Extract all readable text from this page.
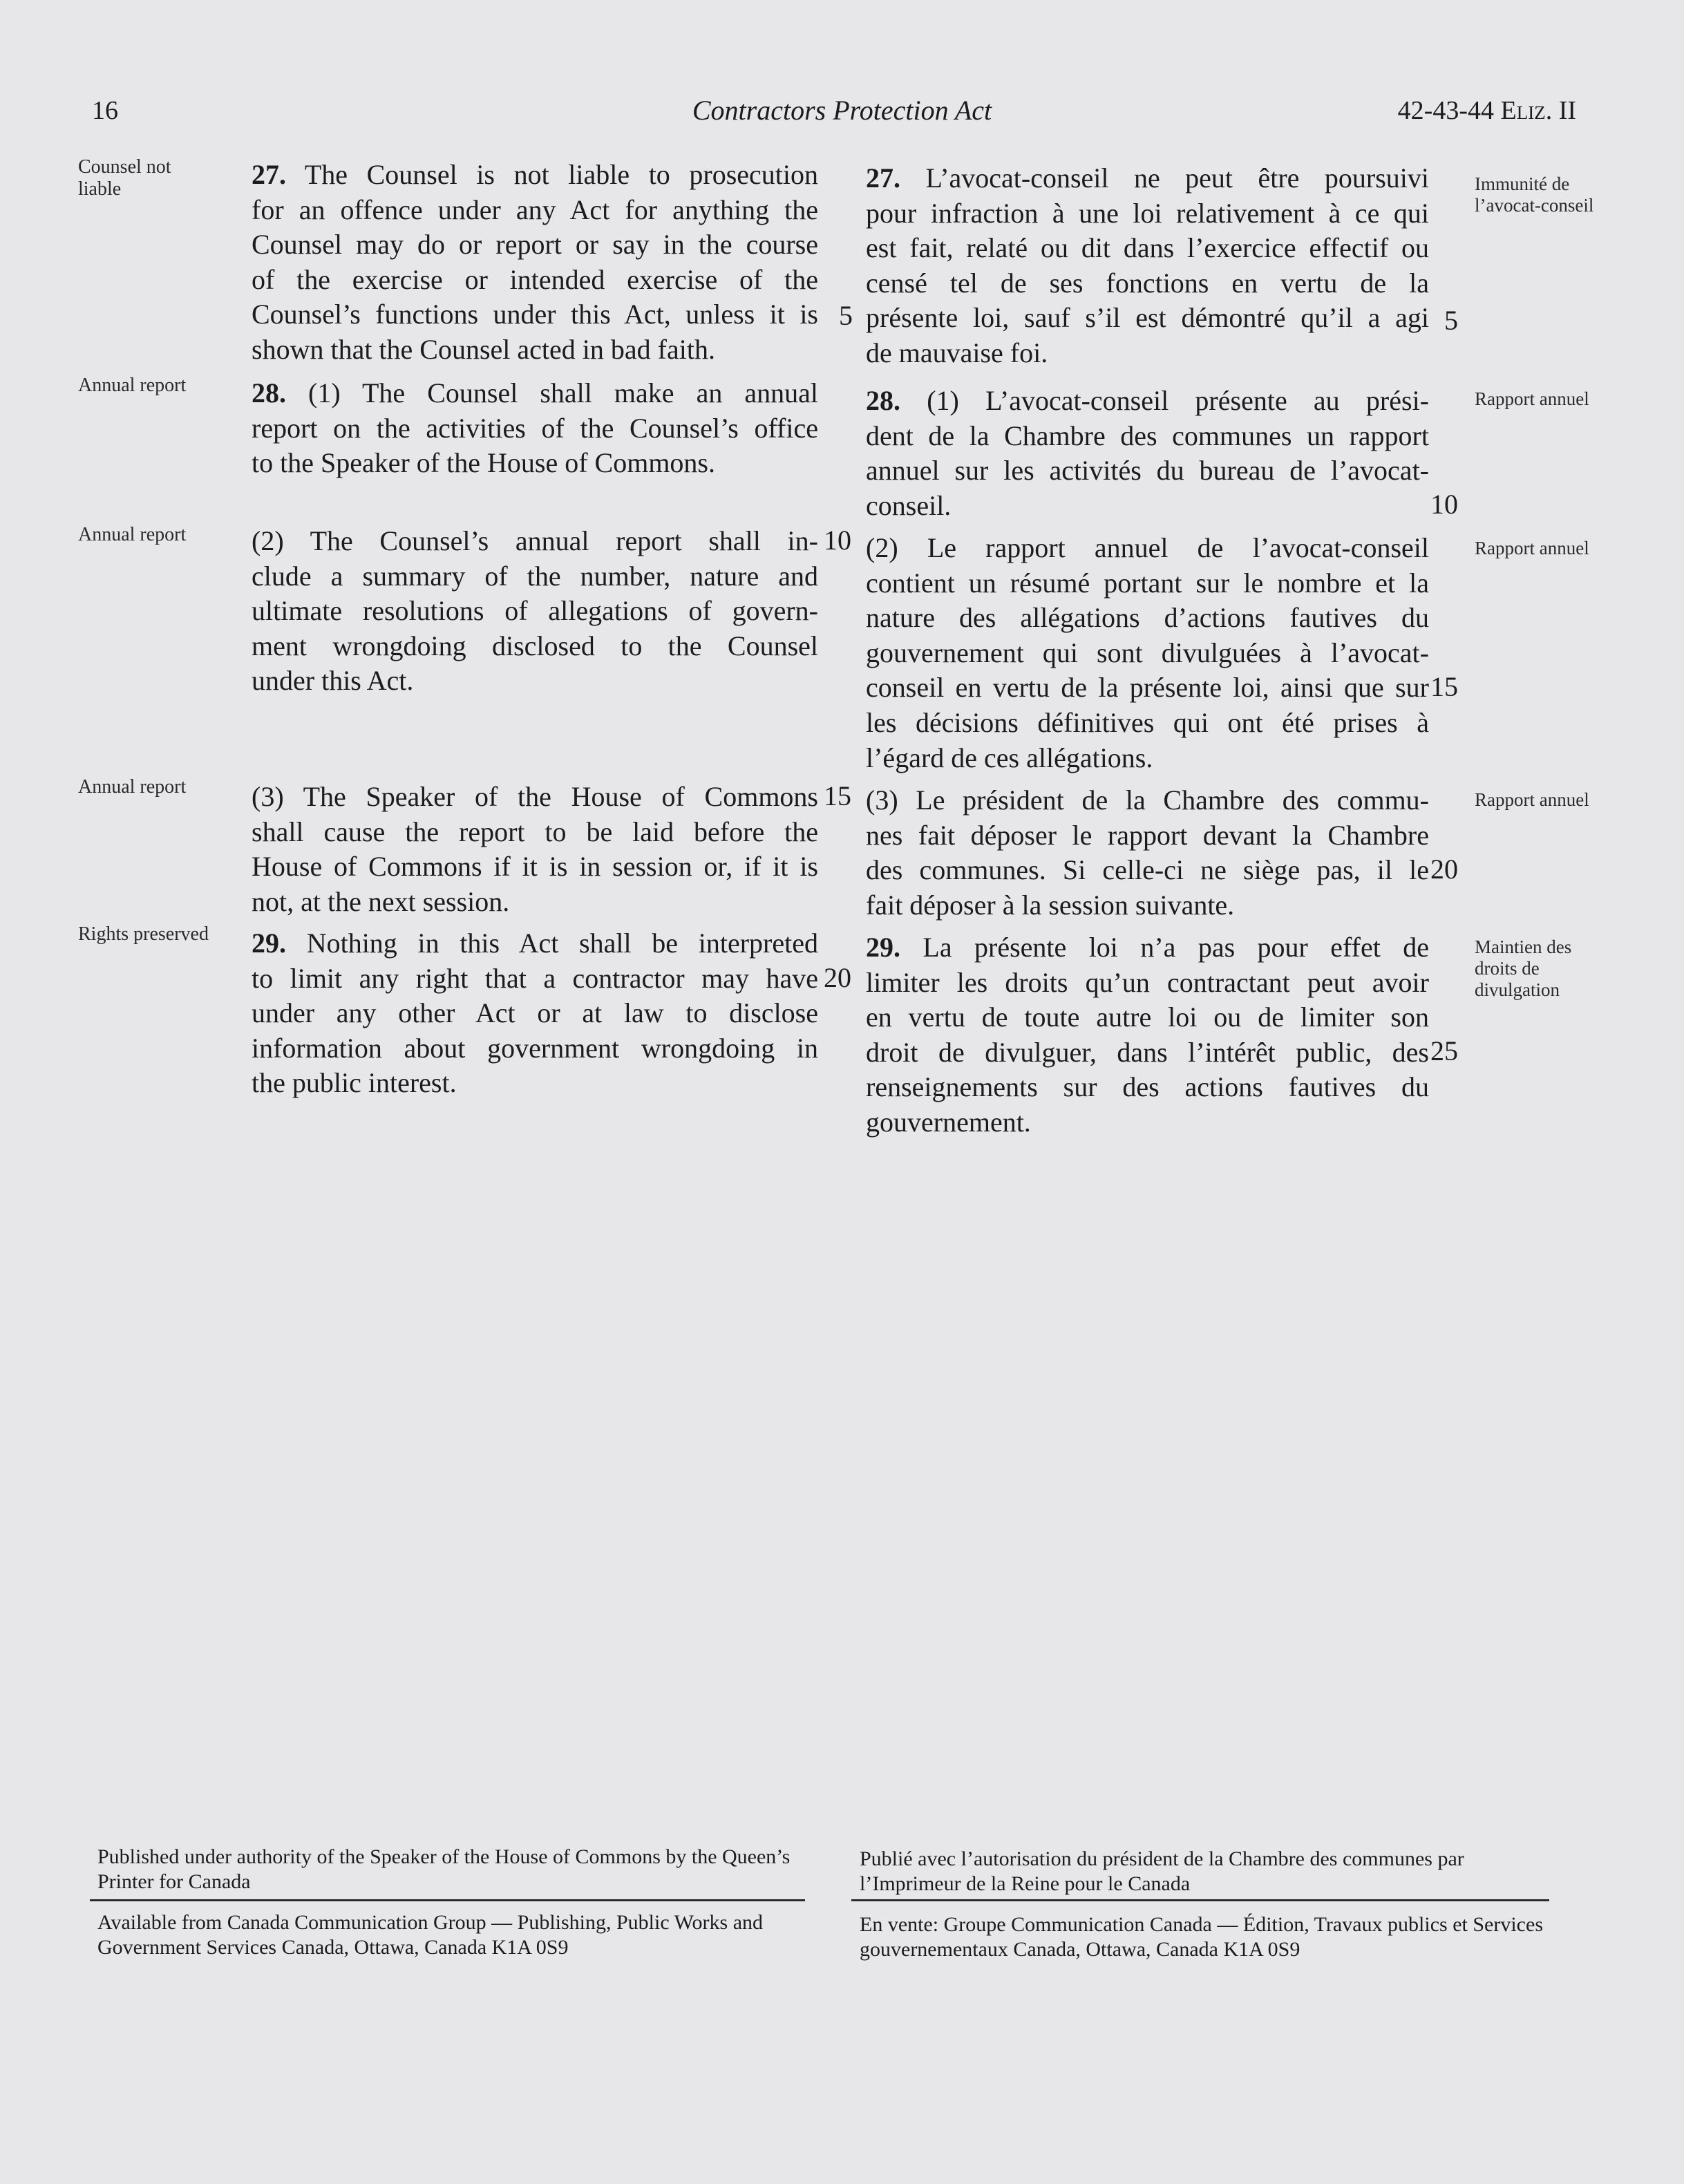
16	Contractors Protection Act	42-43-44 Eliz. II
Counsel not liable
Annual report
Annual report
Annual report
Rights preserved
Immunité de l’avocat-conseil
Rapport annuel
Rapport annuel
Rapport annuel
Maintien des droits de divulgation
27. The Counsel is not liable to prosecution
for an offence under any Act for anything the
Counsel may do or report or say in the course
of the exercise or intended exercise of the
Counsel’s functions under this Act, unless it is
shown that the Counsel acted in bad faith.
28. (1) The Counsel shall make an annual
report on the activities of the Counsel’s office
to the Speaker of the House of Commons.
(2) The Counsel’s annual report shall in-
clude a summary of the number, nature and
ultimate resolutions of allegations of govern-
ment wrongdoing disclosed to the Counsel
under this Act.
(3) The Speaker of the House of Commons
shall cause the report to be laid before the
House of Commons if it is in session or, if it is
not, at the next session.
29. Nothing in this Act shall be interpreted
to limit any right that a contractor may have
under any other Act or at law to disclose
information about government wrongdoing in
the public interest.
27. L’avocat-conseil ne peut être poursuivi
pour infraction à une loi relativement à ce qui
est fait, relaté ou dit dans l’exercice effectif ou
censé tel de ses fonctions en vertu de la
présente loi, sauf s’il est démontré qu’il a agi
de mauvaise foi.
28. (1) L’avocat-conseil présente au prési-
dent de la Chambre des communes un rapport
annuel sur les activités du bureau de l’avocat-
conseil.
(2) Le rapport annuel de l’avocat-conseil
contient un résumé portant sur le nombre et la
nature des allégations d’actions fautives du
gouvernement qui sont divulguées à l’avocat-
conseil en vertu de la présente loi, ainsi que sur
les décisions définitives qui ont été prises à
l’égard de ces allégations.
(3) Le président de la Chambre des commu-
nes fait déposer le rapport devant la Chambre
des communes. Si celle-ci ne siège pas, il le
fait déposer à la session suivante.
29. La présente loi n’a pas pour effet de
limiter les droits qu’un contractant peut avoir
en vertu de toute autre loi ou de limiter son
droit de divulguer, dans l’intérêt public, des
renseignements sur des actions fautives du
gouvernement.
5
10
15
20
5
10
15
20
25
Published under authority of the Speaker of the House of Commons by the Queen’s Printer for Canada
Available from Canada Communication Group — Publishing, Public Works and Government Services Canada, Ottawa, Canada K1A 0S9
Publié avec l’autorisation du président de la Chambre des communes par l’Imprimeur de la Reine pour le Canada
En vente: Groupe Communication Canada — Édition, Travaux publics et Services gouvernementaux Canada, Ottawa, Canada K1A 0S9
